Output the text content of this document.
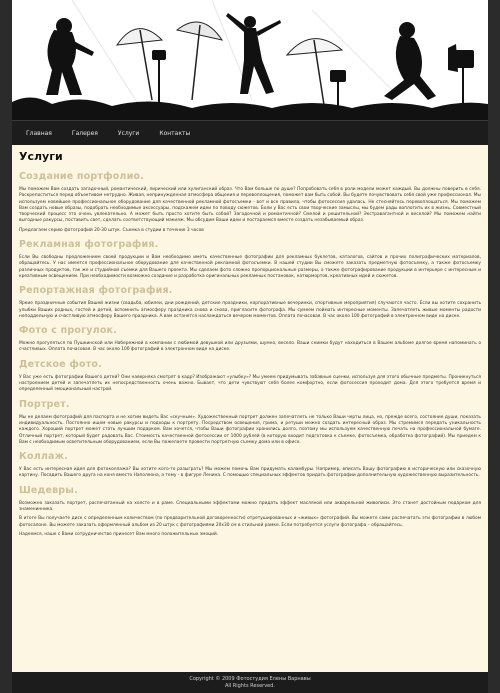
Главная	Галерея	Услуги	Контакты
Услуги
Создание портфолио.

Мы поможем Вам создать загадочный, романтический, лирический или хулиганский образ. Что Вам больше по душе? Попробовать себя в роли модели может каждый. Вы должны поверить в себя. Раскрепоститься перед объективом нетрудно. Живая, непринужденная атмосфера общения и перевоплощения, поможет вам быть собой. Вы будете почувствовать себя свой уже профессионал. Мы используем новейшее профессиональное оборудование для качественной рекламной фотосъемки - вот и все правила, чтобы фотосессия удалась. Не стесняйтесь перевоплощаться. Мы поможем Вам создать новые образы, подобрать необходимые аксессуары, подскажем идеи по поводу сюжетов. Боли у Вас есть свои творческие замыслы, мы будем рады воплотить их в жизнь. Совместный творческий процесс это очень увлекательно. А может быть просто хотите быть собой? Загадочной и романтичной? Смелой и решительной? Экстравагантной и веселой? Мы поможем найти выгодные ракурсы, поставить свет, сделать соответствующий макияж. Мы обсудим Ваши идеи и постараемся вместе создать незабываемый образ.

Предлагаем серию фотографий 20-30 штук. Съемка в студии в течение 3 часов

Рекламная фотография.

Если Вы свободны предложением своей продукции и Вам необходимо иметь качественные фотографии для рекламных буклетов, каталогов, сайтов и прочих полиграфических материалов, обращайтесь. У нас имеется профессиональное оборудование для качественной рекламной фотосъемки. В нашей студии Вы сможете заказать предметную фотосъемку, а также фотосъемку различных продуктов, так же и студийной съемки для Вашего проекта. Мы сделаем фото сложно пропорциональные размеры, а также фотографирование продукции в интерьере с интересным и креативным освещением. При необходимости возможно создание и разработка оригинальных рекламных постановок, натюрмортов, креативных идей и сюжетов.

Репортажная фотография.

Яркие праздничные события Вашей жизни (свадьба, юбилеи, дни рождений, детские праздники, корпоративные вечеринки, спортивные мероприятия) случаются часто. Если вы хотите сохранить улыбки Ваших родных, гостей и детей, вспомнить атмосферу праздника снова и снова, пригласите фотографа. Мы сумеем поймать интересные моменты. Запечатлеть живые моменты радости неподдельную и счастливую атмосферу Вашего праздника. А вам останется наслаждаться вечером моментов. Оплата почасовая. В час около 100 фотографий в электронном виде на диске.

Фото с прогулок.

Можно прогуляться по Пушкинской или Набережной в компании с любимой девушкой или друзьями, шумно, весело. Ваши снимки будут находиться в Вашем альбоме долгое время напоминать о счастливых. Оплата почасовая. В час около 100 фотографий в электронном виде на диске.

Детское фото.

У Вас уже есть фотографии Вашего детей? Они наверняка смотрят в кадр? Изображают «улыбку»? Мы умеем придумывать забавные сценки, используя для этого обычные предметы. Проникнуться настроением детей и запечатлеть их непосредственность очень важно. Бывает, что дети чувствуют себя более комфортно, если фотосессия проходит дома. Для этого требуется время и определенный эмоциональный настрой.

Портрет.

Мы не делаем фотографий для паспорта и не хотим видеть Вас «скучным». Художественный портрет должен запечатлеть не только Ваши черты лица, но, прежде всего, состояние души, показать индивидуальность. Постоянно ищем новые ракурсы и подходы к портрету. Посредством освещения, грима, и ретуши можно создать интересный образ. Мы стремимся передать уникальность каждого. Хороший портрет может стать лучшим подарком. Вам хочется, чтобы Ваши фотографии хранились долго, поэтому мы используем качественную печать на профессиональной бумаге. Отличный портрет, который будет радовать Вас. Стоимость качественной фотосессии от 1000 рублей (в которую входит подготовка к съемке, фотосъемка, обработка фотографий). Мы приедем к Вам с необходимым осветительным оборудованием, если Вы пожелаете провести портретную съемку дома или в офисе.

Коллаж.

У Вас есть интересная идея для фотоколлажа? Вы хотите кого-то разыграть? Мы можем помочь Вам придумать каламбуры. Например, вписать Вашу фотографию в историческую или сказочную картину. Посадить Вашего друга на коня вместо Наполеона, а тему - в фигуре Ленина. С помощью специальных эффектов придать фотографии дополнительную художественную выразительность.

Шедевры.

Возможно заказать портрет, распечатанный на холсте и в раме. Специальными эффектами можно придать эффект масляной или акварельной живописи. Это станет достойным подарком для знаменинника.

В итоге Вы получаете диск с определенным количеством (по предварительной договоренности) отретушированных и «живых» фотографий. Вы можете сами распечатать эти фотографии в любом фотосалоне. Вы можете заказать оформленный альбом из 20 штук с фотографиями 20х30 см в стильной рамке. Если потребуется услуги фотографа – обращайтесь.

Надеемся, наше с Вами сотрудничество принесет Вам много положительных эмоций.

Copyright © 2009 Фотостудия Елены Варнавы
All Rights Reserved.
